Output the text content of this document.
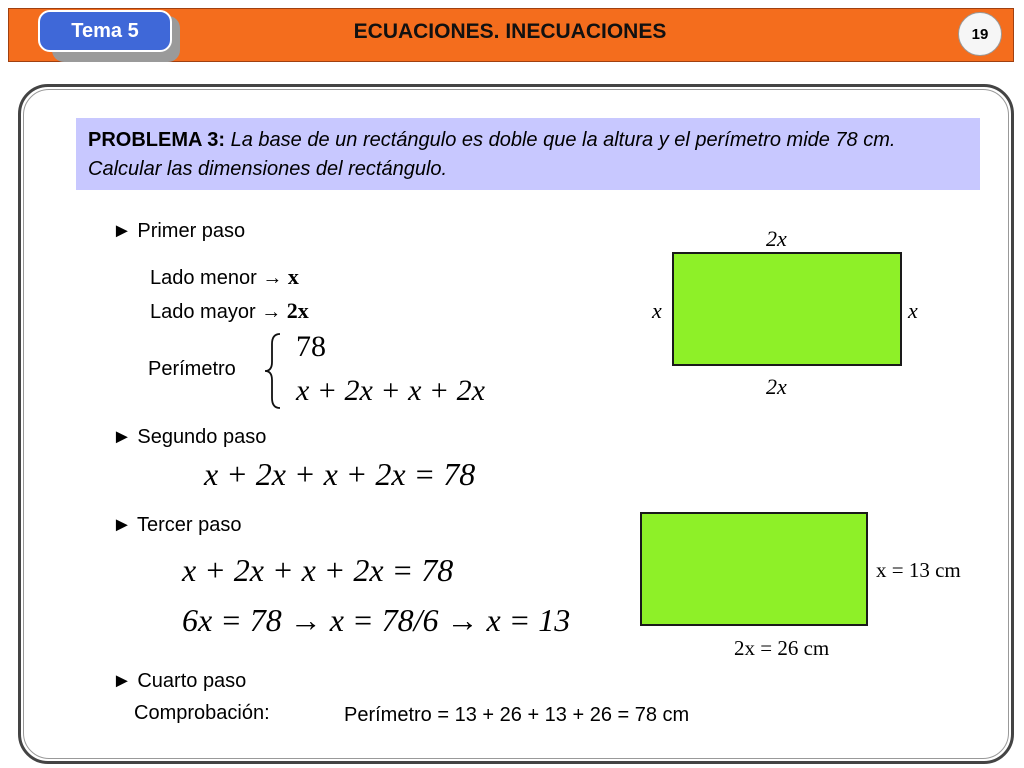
Tema 5	ECUACIONES. INECUACIONES	19
PROBLEMA 3: La base de un rectángulo es doble que la altura y el perímetro mide 78 cm. Calcular las dimensiones del rectángulo.
► Primer paso
Lado menor → x
Lado mayor → 2x
Perímetro
78
x + 2x + x + 2x
2x
x	x
2x
► Segundo paso
x + 2x + x + 2x = 78
► Tercer paso
x + 2x + x + 2x = 78
6x = 78 → x = 78/6 → x = 13
x = 13 cm
2x = 26 cm
► Cuarto paso
Comprobación:	Perímetro = 13 + 26 + 13 + 26 = 78 cm
